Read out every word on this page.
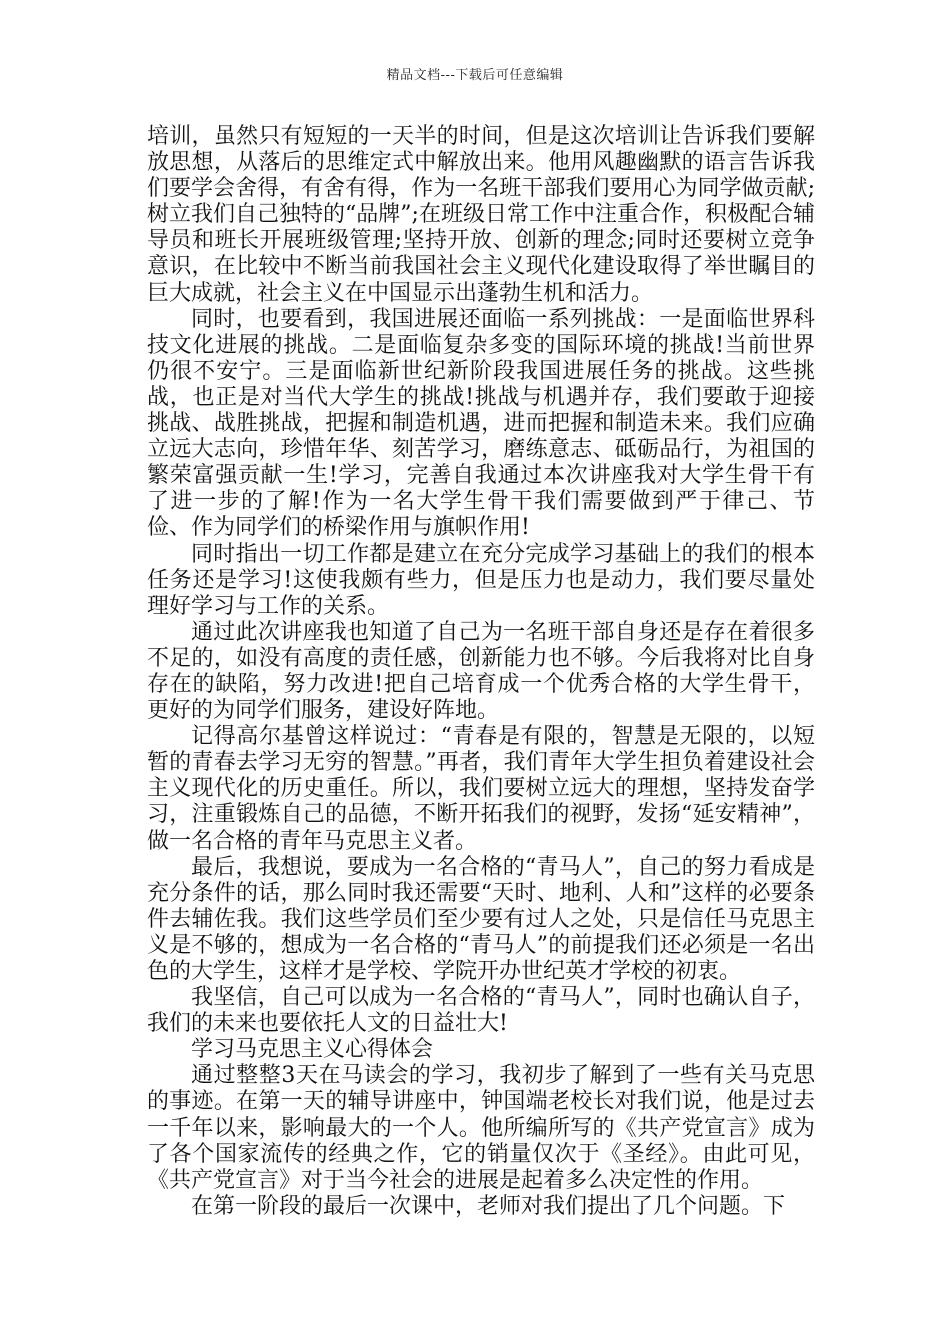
精品文档---下载后可任意编辑

培训，虽然只有短短的一天半的时间，但是这次培训让告诉我们要解放思想，从落后的思维定式中解放出来。他用风趣幽默的语言告诉我们要学会舍得，有舍有得，作为一名班干部我们要用心为同学做贡献;树立我们自己独特的“品牌”;在班级日常工作中注重合作，积极配合辅导员和班长开展班级管理;坚持开放、创新的理念;同时还要树立竞争意识，在比较中不断当前我国社会主义现代化建设取得了举世瞩目的巨大成就，社会主义在中国显示出蓬勃生机和活力。

同时，也要看到，我国进展还面临一系列挑战：一是面临世界科技文化进展的挑战。二是面临复杂多变的国际环境的挑战!当前世界仍很不安宁。三是面临新世纪新阶段我国进展任务的挑战。这些挑战，也正是对当代大学生的挑战!挑战与机遇并存，我们要敢于迎接挑战、战胜挑战，把握和制造机遇，进而把握和制造未来。我们应确立远大志向，珍惜年华、刻苦学习，磨练意志、砥砺品行，为祖国的繁荣富强贡献一生!学习，完善自我通过本次讲座我对大学生骨干有了进一步的了解!作为一名大学生骨干我们需要做到严于律己、节俭、作为同学们的桥梁作用与旗帜作用!

同时指出一切工作都是建立在充分完成学习基础上的我们的根本任务还是学习!这使我颇有些力，但是压力也是动力，我们要尽量处理好学习与工作的关系。

通过此次讲座我也知道了自己为一名班干部自身还是存在着很多不足的，如没有高度的责任感，创新能力也不够。今后我将对比自身存在的缺陷，努力改进!把自己培育成一个优秀合格的大学生骨干，更好的为同学们服务，建设好阵地。

记得高尔基曾这样说过：“青春是有限的，智慧是无限的，以短暂的青春去学习无穷的智慧。”再者，我们青年大学生担负着建设社会主义现代化的历史重任。所以，我们要树立远大的理想，坚持发奋学习，注重锻炼自己的品德，不断开拓我们的视野，发扬“延安精神”，做一名合格的青年马克思主义者。

最后，我想说，要成为一名合格的“青马人”，自己的努力看成是充分条件的话，那么同时我还需要“天时、地利、人和”这样的必要条件去辅佐我。我们这些学员们至少要有过人之处，只是信任马克思主义是不够的，想成为一名合格的“青马人”的前提我们还必须是一名出色的大学生，这样才是学校、学院开办世纪英才学校的初衷。

我坚信，自己可以成为一名合格的“青马人”，同时也确认自子，我们的未来也要依托人文的日益壮大!

学习马克思主义心得体会

通过整整3天在马读会的学习，我初步了解到了一些有关马克思的事迹。在第一天的辅导讲座中，钟国端老校长对我们说，他是过去一千年以来，影响最大的一个人。他所编所写的《共产党宣言》成为了各个国家流传的经典之作，它的销量仅次于《圣经》。由此可见，《共产党宣言》对于当今社会的进展是起着多么决定性的作用。

在第一阶段的最后一次课中，老师对我们提出了几个问题。下
